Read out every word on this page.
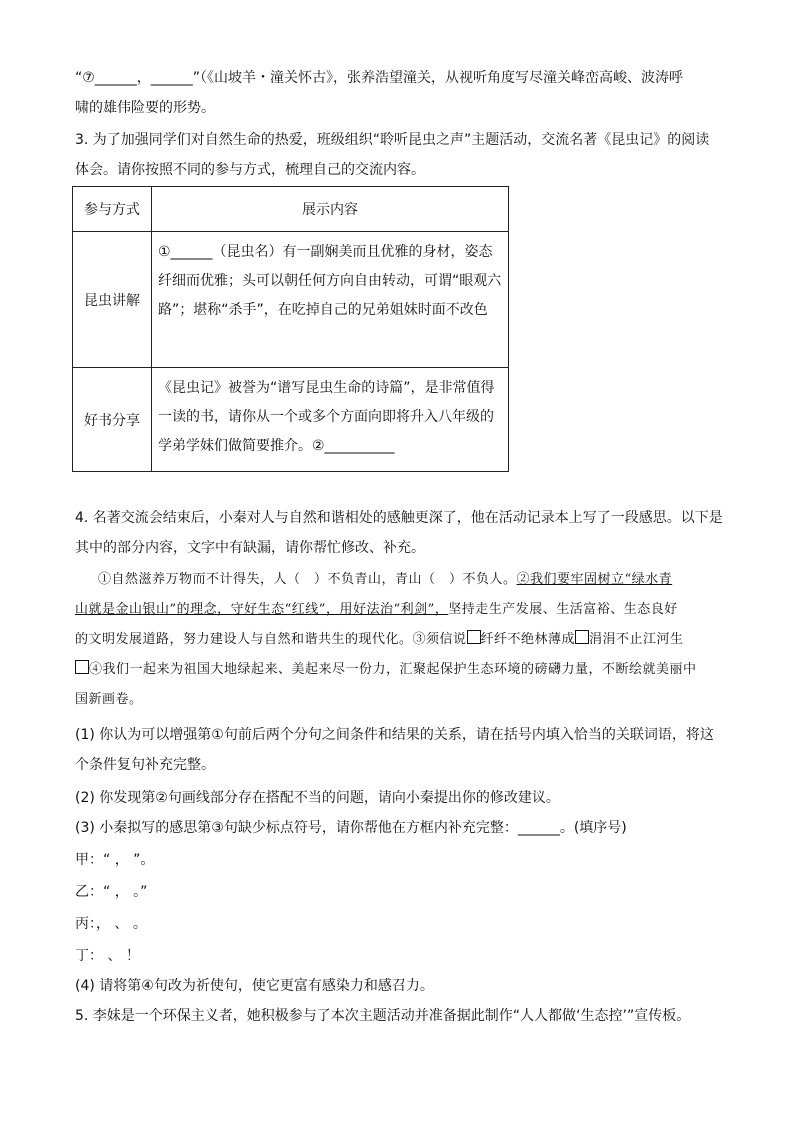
“⑦______，______”（《山坡羊・潼关怀古》，张养浩望潼关，从视听角度写尽潼关峰峦高峻、波涛呼
啸的雄伟险要的形势。
3. 为了加强同学们对自然生命的热爱，班级组织“聆听昆虫之声”主题活动，交流名著《昆虫记》的阅读
体会。请你按照不同的参与方式，梳理自己的交流内容。
参与方式	展示内容
昆虫讲解	①______（昆虫名）有一副娴美而且优雅的身材，姿态纤细而优雅；头可以朝任何方向自由转动，可谓“眼观六路”；堪称“杀手”，在吃掉自己的兄弟姐妹时面不改色
好书分享	《昆虫记》被誉为“谱写昆虫生命的诗篇”，是非常值得一读的书，请你从一个或多个方面向即将升入八年级的学弟学妹们做简要推介。②__________
4. 名著交流会结束后，小秦对人与自然和谐相处的感触更深了，他在活动记录本上写了一段感思。以下是
其中的部分内容，文字中有缺漏，请你帮忙修改、补充。
①自然滋养万物而不计得失，人（　）不负青山，青山（　）不负人。②我们要牢固树立“绿水青
山就是金山银山”的理念，守好生态“红线”，用好法治“利剑”，坚持走生产发展、生活富裕、生态良好
的文明发展道路，努力建设人与自然和谐共生的现代化。③须信说 纤纤不绝林薄成 涓涓不止江河生
④我们一起来为祖国大地绿起来、美起来尽一份力，汇聚起保护生态环境的磅礴力量，不断绘就美丽中
国新画卷。
(1) 你认为可以增强第①句前后两个分句之间条件和结果的关系，请在括号内填入恰当的关联词语，将这
个条件复句补充完整。
(2) 你发现第②句画线部分存在搭配不当的问题，请向小秦提出你的修改建议。
(3) 小秦拟写的感思第③句缺少标点符号，请你帮他在方框内补充完整：______。(填序号)
甲：“ ， ”。
乙：“ ， 。”
丙：， 、 。
丁： 、 ！
(4) 请将第④句改为祈使句，使它更富有感染力和感召力。
5. 李妹是一个环保主义者，她积极参与了本次主题活动并准备据此制作“人人都做‘生态控’”宣传板。
